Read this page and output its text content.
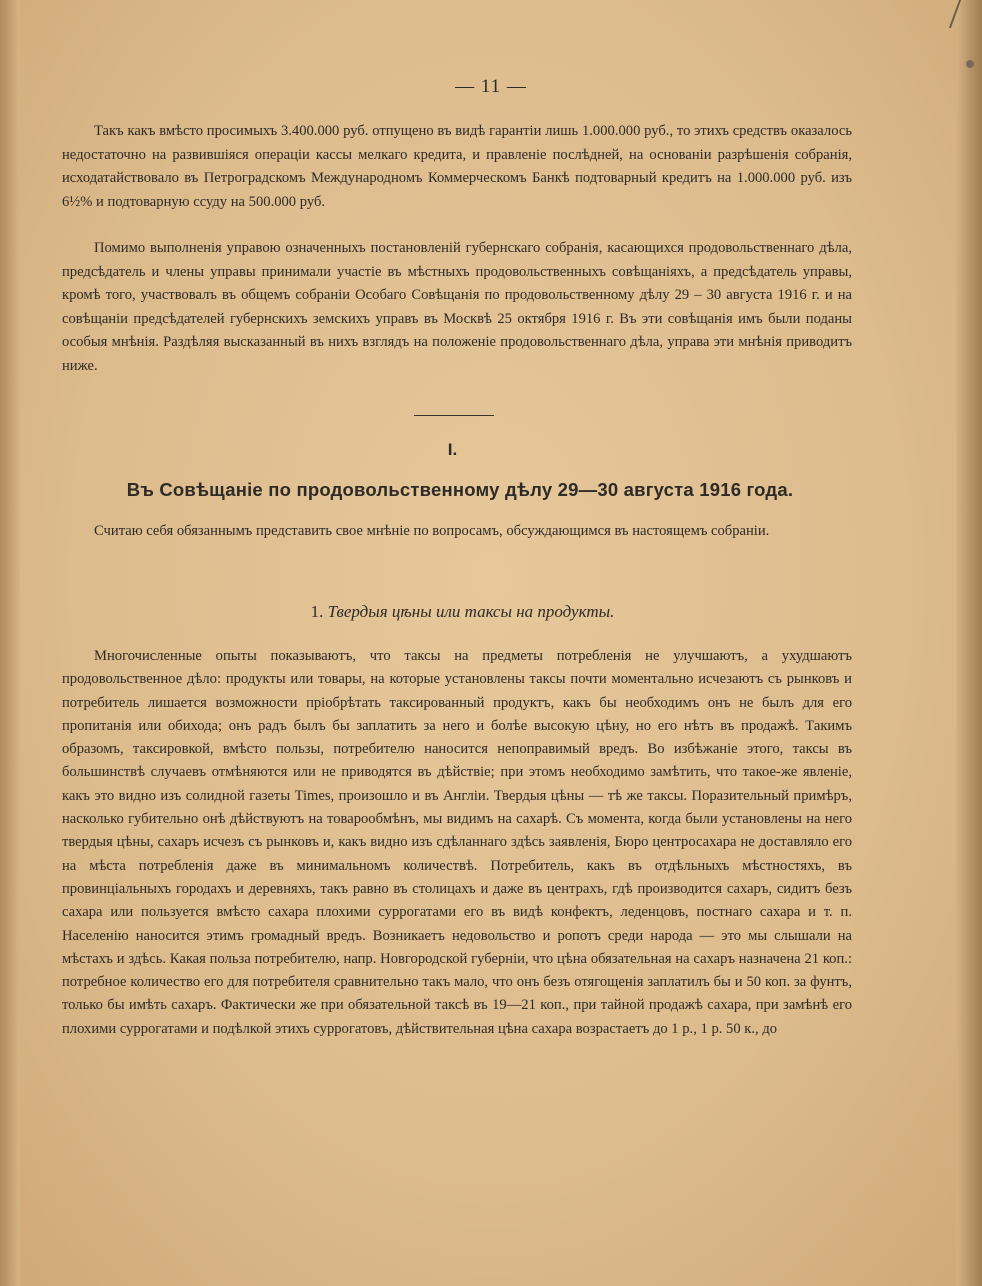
— 11 —

Такъ какъ вмѣсто просимыхъ 3.400.000 руб. отпущено въ видѣ гарантiи лишь 1.000.000 руб., то этихъ средствъ оказалось недостаточно на развившiяся операцiи кассы мелкаго кредита, и правленiе послѣдней, на основанiи разрѣшенiя собранiя, исходатайствовало въ Петроградскомъ Международномъ Коммерческомъ Банкѣ подтоварный кредитъ на 1.000.000 руб. изъ 6½% и подтоварную ссуду на 500.000 руб.

Помимо выполненiя управою означенныхъ постановленiй губернскаго собранiя, касающихся продовольственнаго дѣла, предсѣдатель и члены управы принимали участiе въ мѣстныхъ продовольственныхъ совѣщанiяхъ, а предсѣдатель управы, кромѣ того, участвовалъ въ общемъ собранiи Особаго Совѣщанiя по продовольственному дѣлу 29 – 30 августа 1916 г. и на совѣщанiи предсѣдателей губернскихъ земскихъ управъ въ Москвѣ 25 октября 1916 г. Въ эти совѣщанiя имъ были поданы особыя мнѣнiя. Раздѣляя высказанный въ нихъ взглядъ на положенiе продовольственнаго дѣла, управа эти мнѣнiя приводитъ ниже.

I.
Въ Совѣщанiе по продовольственному дѣлу 29—30 августа 1916 года.

Считаю себя обязаннымъ представить свое мнѣнiе по вопросамъ, обсуждающимся въ настоящемъ собранiи.

1. Твердыя цѣны или таксы на продукты.

Многочисленные опыты показываютъ, что таксы на предметы потребленiя не улучшаютъ, а ухудшаютъ продовольственное дѣло: продукты или товары, на которые установлены таксы почти моментально исчезаютъ съ рынковъ и потребитель лишается возможности прiобрѣтать таксированный продуктъ, какъ бы необходимъ онъ не былъ для его пропитанiя или обихода; онъ радъ былъ бы заплатить за него и болѣе высокую цѣну, но его нѣтъ въ продажѣ. Такимъ образомъ, таксировкой, вмѣсто пользы, потребителю наносится непоправимый вредъ. Во избѣжанiе этого, таксы въ большинствѣ случаевъ отмѣняются или не приводятся въ дѣйствiе; при этомъ необходимо замѣтить, что такое-же явленiе, какъ это видно изъ солидной газеты Times, произошло и въ Англiи. Твердыя цѣны — тѣ же таксы. Поразительный примѣръ, насколько губительно онѣ дѣйствуютъ на товарообмѣнъ, мы видимъ на сахарѣ. Съ момента, когда были установлены на него твердыя цѣны, сахаръ исчезъ съ рынковъ и, какъ видно изъ сдѣланнаго здѣсь заявленiя, Бюро центросахара не доставляло его на мѣста потребленiя даже въ минимальномъ количествѣ. Потребитель, какъ въ отдѣльныхъ мѣстностяхъ, въ провинцiальныхъ городахъ и деревняхъ, такъ равно въ столицахъ и даже въ центрахъ, гдѣ производится сахаръ, сидитъ безъ сахара или пользуется вмѣсто сахара плохими суррогатами его въ видѣ конфектъ, леденцовъ, постнаго сахара и т. п. Населенiю наносится этимъ громадный вредъ. Возникаетъ недовольство и ропотъ среди народа — это мы слышали на мѣстахъ и здѣсь. Какая польза потребителю, напр. Новгородской губернiи, что цѣна обязательная на сахаръ назначена 21 коп.: потребное количество его для потребителя сравнительно такъ мало, что онъ безъ отягощенiя заплатилъ бы и 50 коп. за фунтъ, только бы имѣть сахаръ. Фактически же при обязательной таксѣ въ 19—21 коп., при тайной продажѣ сахара, при замѣнѣ его плохими суррогатами и подѣлкой этихъ суррогатовъ, дѣйствительная цѣна сахара возрастаетъ до 1 р., 1 р. 50 к., до
